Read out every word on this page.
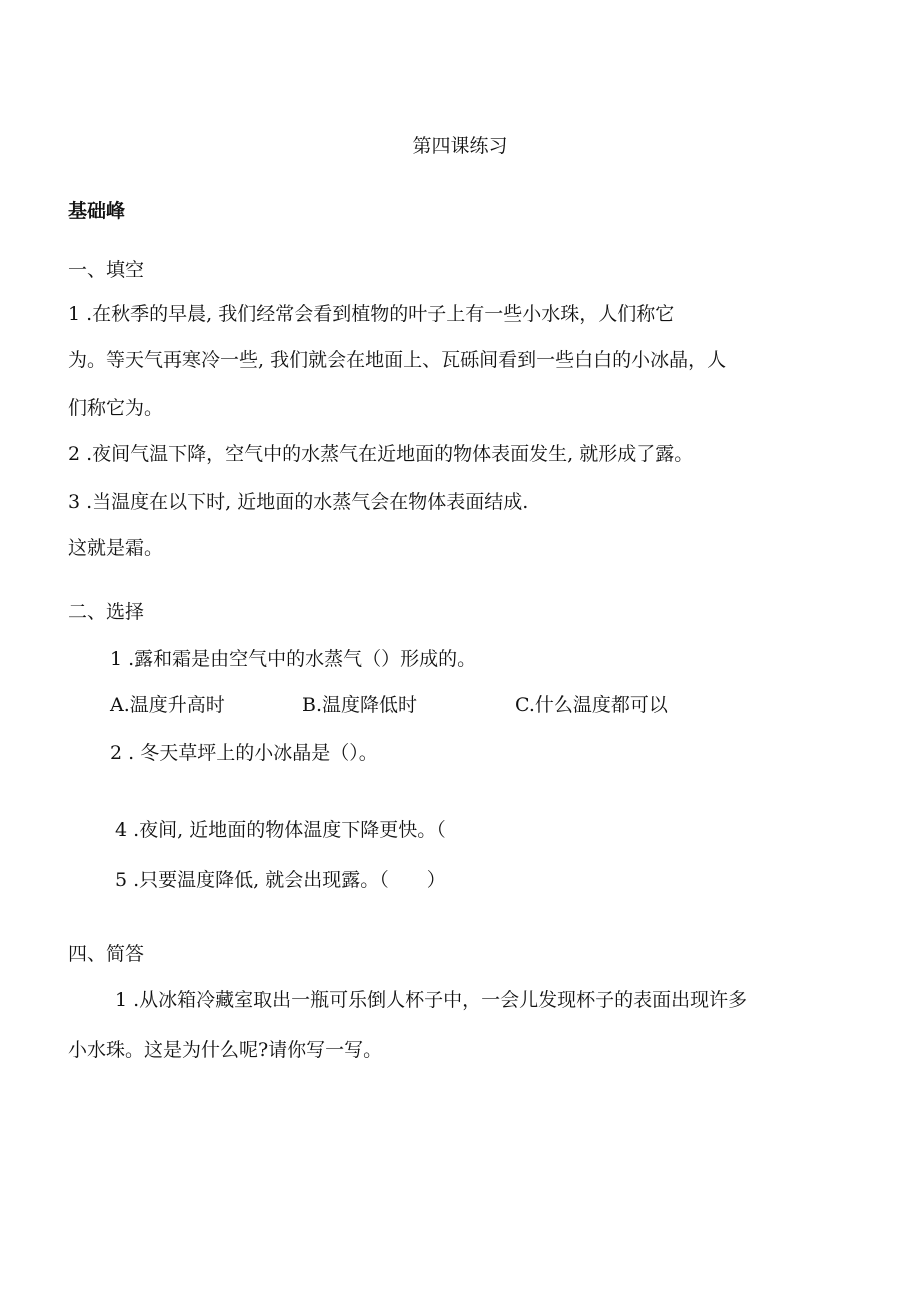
第四课练习
基础峰
一、填空
1 .在秋季的早晨, 我们经常会看到植物的叶子上有一些小水珠，人们称它
为。等天气再寒冷一些, 我们就会在地面上、瓦砾间看到一些白白的小冰晶，人
们称它为。
2 .夜间气温下降，空气中的水蒸气在近地面的物体表面发生, 就形成了露。
3 .当温度在以下时, 近地面的水蒸气会在物体表面结成.
这就是霜。
二、选择
1 .露和霜是由空气中的水蒸气（）形成的。
A.温度升高时	B.温度降低时	C.什么温度都可以
2 . 冬天草坪上的小冰晶是（）。
4 .夜间, 近地面的物体温度下降更快。（
5 .只要温度降低, 就会出现露。（　　）
四、简答
1 .从冰箱冷藏室取出一瓶可乐倒人杯子中，一会儿发现杯子的表面出现许多
小水珠。这是为什么呢?请你写一写。
